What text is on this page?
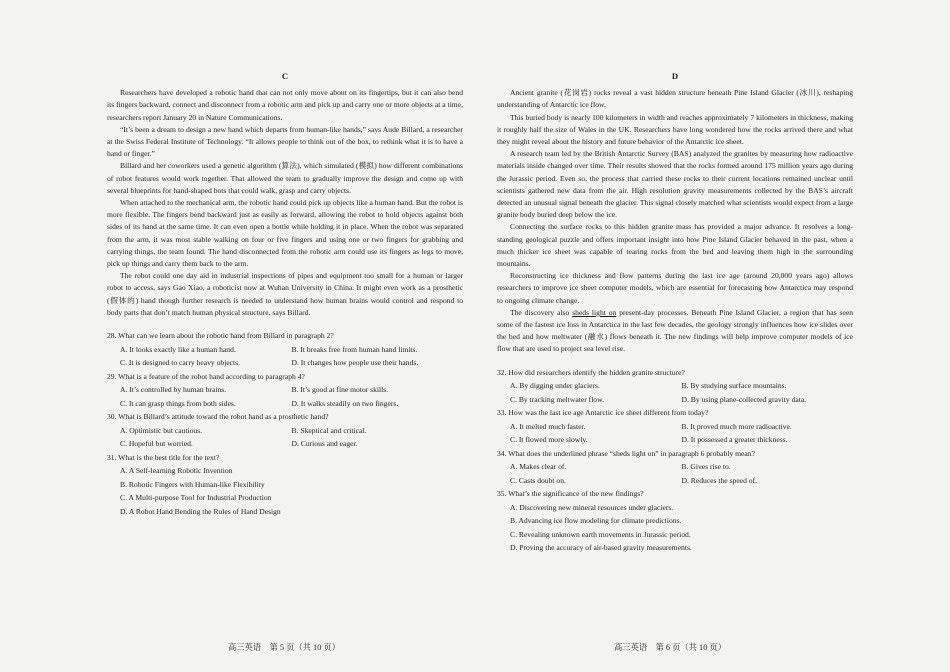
C

Researchers have developed a robotic hand that can not only move about on its fingertips, but it can also bend its fingers backward, connect and disconnect from a robotic arm and pick up and carry one or more objects at a time, researchers report January 20 in Nature Communications.

“It’s been a dream to design a new hand which departs from human-like hands,” says Aude Billard, a researcher at the Swiss Federal Institute of Technology. “It allows people to think out of the box, to rethink what it is to have a hand or finger.”

Billard and her coworkers used a genetic algorithm (算法), which simulated (模拟) how different combinations of robot features would work together. That allowed the team to gradually improve the design and come up with several blueprints for hand-shaped bots that could walk, grasp and carry objects.

When attached to the mechanical arm, the robotic hand could pick up objects like a human hand. But the robot is more flexible. The fingers bend backward just as easily as forward, allowing the robot to hold objects against both sides of its hand at the same time. It can even open a bottle while holding it in place. When the robot was separated from the arm, it was most stable walking on four or five fingers and using one or two fingers for grabbing and carrying things, the team found. The hand disconnected from the robotic arm could use its fingers as legs to move, pick up things and carry them back to the arm.

The robot could one day aid in industrial inspections of pipes and equipment too small for a human or larger robot to access, says Gao Xiao, a roboticist now at Wuhan University in China. It might even work as a prosthetic (假体的) hand though further research is needed to understand how human brains would control and respond to body parts that don’t match human physical structure, says Billard.

28. What can we learn about the robotic hand from Billard in paragraph 2?
A. It looks exactly like a human hand.	B. It breaks free from human hand limits.
C. It is designed to carry heavy objects.	D. It changes how people use their hands.
29. What is a feature of the robot hand according to paragraph 4?
A. It’s controlled by human brains.	B. It’s good at fine motor skills.
C. It can grasp things from both sides.	D. It walks steadily on two fingers.
30. What is Billard’s attitude toward the robot hand as a prosthetic hand?
A. Optimistic but cautious.	B. Skeptical and critical.
C. Hopeful but worried.	D. Curious and eager.
31. What is the best title for the text?
A. A Self-learning Robotic Invention
B. Robotic Fingers with Human-like Flexibility
C. A Multi-purpose Tool for Industrial Production
D. A Robot Hand Bending the Rules of Hand Design
D

Ancient granite (花岗岩) rocks reveal a vast hidden structure beneath Pine Island Glacier (冰川), reshaping understanding of Antarctic ice flow.

This buried body is nearly 100 kilometers in width and reaches approximately 7 kilometers in thickness, making it roughly half the size of Wales in the UK. Researchers have long wondered how the rocks arrived there and what they might reveal about the history and future behavior of the Antarctic ice sheet.

A research team led by the British Antarctic Survey (BAS) analyzed the granites by measuring how radioactive materials inside changed over time. Their results showed that the rocks formed around 175 million years ago during the Jurassic period. Even so, the process that carried these rocks to their current locations remained unclear until scientists gathered new data from the air. High resolution gravity measurements collected by the BAS’s aircraft detected an unusual signal beneath the glacier. This signal closely matched what scientists would expect from a large granite body buried deep below the ice.

Connecting the surface rocks to this hidden granite mass has provided a major advance. It resolves a long-standing geological puzzle and offers important insight into how Pine Island Glacier behaved in the past, when a much thicker ice sheet was capable of tearing rocks from the bed and leaving them high in the surrounding mountains.

Reconstructing ice thickness and flow patterns during the last ice age (around 20,000 years ago) allows researchers to improve ice sheet computer models, which are essential for forecasting how Antarctica may respond to ongoing climate change.

The discovery also sheds light on present-day processes. Beneath Pine Island Glacier, a region that has seen some of the fastest ice loss in Antarctica in the last few decades, the geology strongly influences how ice slides over the bed and how meltwater (融水) flows beneath it. The new findings will help improve computer models of ice flow that are used to project sea level rise.

32. How did researchers identify the hidden granite structure?
A. By digging under glaciers.	B. By studying surface mountains.
C. By tracking meltwater flow.	D. By using plane-collected gravity data.
33. How was the last ice age Antarctic ice sheet different from today?
A. It melted much faster.	B. It proved much more radioactive.
C. It flowed more slowly.	D. It possessed a greater thickness.
34. What does the underlined phrase “sheds light on” in paragraph 6 probably mean?
A. Makes clear of.	B. Gives rise to.
C. Casts doubt on.	D. Reduces the speed of.
35. What’s the significance of the new findings?
A. Discovering new mineral resources under glaciers.
B. Advancing ice flow modeling for climate predictions.
C. Revealing unknown earth movements in Jurassic period.
D. Proving the accuracy of air-based gravity measurements.
高三英语　第 5 页（共 10 页）	高三英语　第 6 页（共 10 页）
